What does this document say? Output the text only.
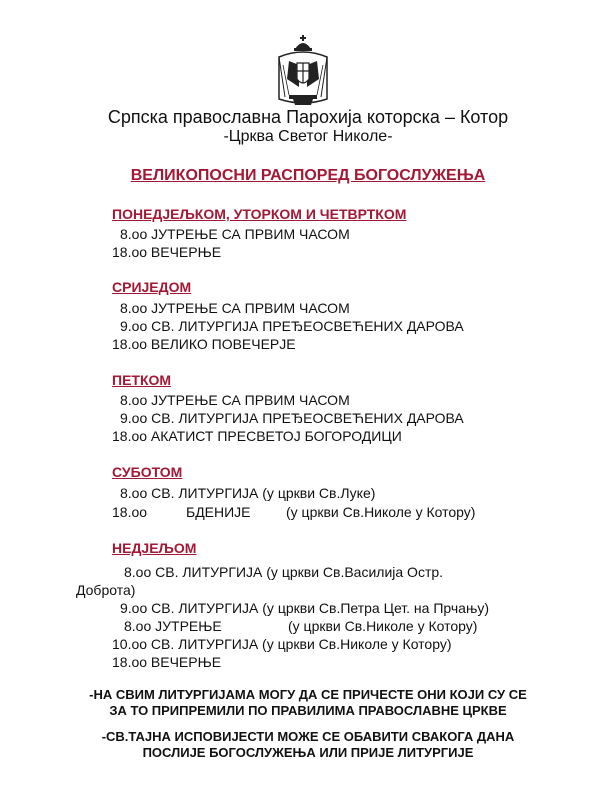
Српска православна Парохија которска – Котор
-Црква Светог Николе-
ВЕЛИКОПОСНИ РАСПОРЕД БОГОСЛУЖЕЊА
ПОНЕДЈЕЉКОМ, УТОРКОМ И ЧЕТВРТКОМ
8.oo ЈУТРЕЊЕ СА ПРВИМ ЧАСОМ
18.oo ВЕЧЕРЊЕ
СРИЈЕДОМ
8.oo ЈУТРЕЊЕ СА ПРВИМ ЧАСОМ
9.oo СВ. ЛИТУРГИЈА ПРЕЂЕОСВЕЋЕНИХ ДАРОВА
18.oo ВЕЛИКО ПОВЕЧЕРЈЕ
ПЕТКОМ
8.oo ЈУТРЕЊЕ СА ПРВИМ ЧАСОМ
9.oo СВ. ЛИТУРГИЈА ПРЕЂЕОСВЕЋЕНИХ ДАРОВА
18.oo АКАТИСТ ПРЕСВЕТОЈ БОГОРОДИЦИ
СУБОТОМ
8.oo СВ. ЛИТУРГИЈА (у цркви Св.Луке)
18.oo	БДЕНИЈЕ	(у цркви Св.Николе у Котору)
НЕДЈЕЉОМ
8.oo СВ. ЛИТУРГИЈА (у цркви Св.Василија Остр.
Доброта)
9.oo СВ. ЛИТУРГИЈА (у цркви Св.Петра Цет. на Прчању)
8.oo ЈУТРЕЊЕ	(у цркви Св.Николе у Котору)
10.oo СВ. ЛИТУРГИЈА (у цркви Св.Николе у Котору)
18.oo ВЕЧЕРЊЕ
-НА СВИМ ЛИТУРГИЈАМА МОГУ ДА СЕ ПРИЧЕСТЕ ОНИ КОЈИ СУ СЕ
ЗА ТО ПРИПРЕМИЛИ ПО ПРАВИЛИМА ПРАВОСЛАВНЕ ЦРКВЕ
-СВ.ТАЈНА ИСПОВИЈЕСТИ МОЖЕ СЕ ОБАВИТИ СВАКОГА ДАНА
ПОСЛИЈЕ БОГОСЛУЖЕЊА ИЛИ ПРИЈЕ ЛИТУРГИЈЕ
